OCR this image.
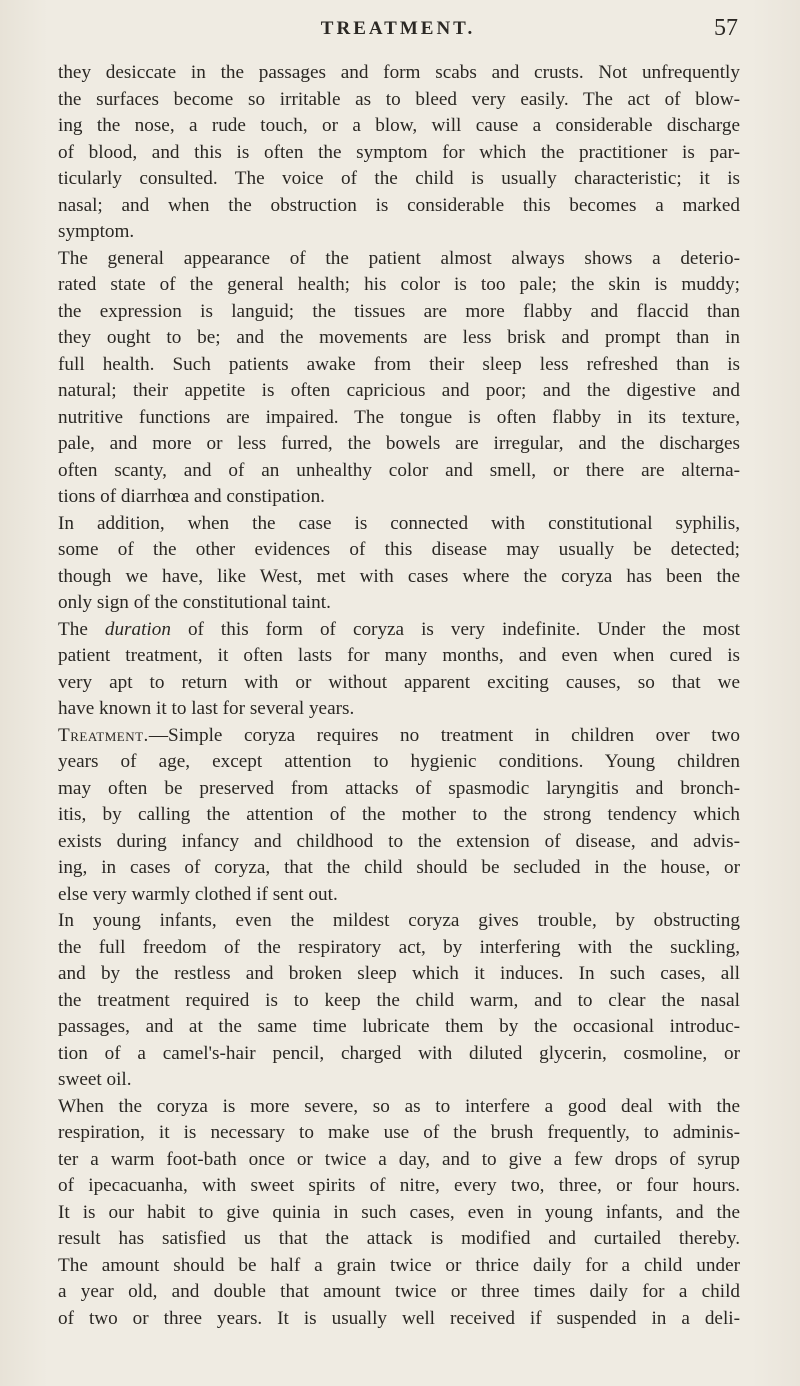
TREATMENT.	57
they desiccate in the passages and form scabs and crusts. Not unfrequently
the surfaces become so irritable as to bleed very easily. The act of blow-
ing the nose, a rude touch, or a blow, will cause a considerable discharge
of blood, and this is often the symptom for which the practitioner is par-
ticularly consulted. The voice of the child is usually characteristic; it is
nasal; and when the obstruction is considerable this becomes a marked
symptom.
The general appearance of the patient almost always shows a deterio-
rated state of the general health; his color is too pale; the skin is muddy;
the expression is languid; the tissues are more flabby and flaccid than
they ought to be; and the movements are less brisk and prompt than in
full health. Such patients awake from their sleep less refreshed than is
natural; their appetite is often capricious and poor; and the digestive and
nutritive functions are impaired. The tongue is often flabby in its texture,
pale, and more or less furred, the bowels are irregular, and the discharges
often scanty, and of an unhealthy color and smell, or there are alterna-
tions of diarrhœa and constipation.
In addition, when the case is connected with constitutional syphilis,
some of the other evidences of this disease may usually be detected;
though we have, like West, met with cases where the coryza has been the
only sign of the constitutional taint.
The duration of this form of coryza is very indefinite. Under the most
patient treatment, it often lasts for many months, and even when cured is
very apt to return with or without apparent exciting causes, so that we
have known it to last for several years.
Treatment.—Simple coryza requires no treatment in children over two
years of age, except attention to hygienic conditions. Young children
may often be preserved from attacks of spasmodic laryngitis and bronch-
itis, by calling the attention of the mother to the strong tendency which
exists during infancy and childhood to the extension of disease, and advis-
ing, in cases of coryza, that the child should be secluded in the house, or
else very warmly clothed if sent out.
In young infants, even the mildest coryza gives trouble, by obstructing
the full freedom of the respiratory act, by interfering with the suckling,
and by the restless and broken sleep which it induces. In such cases, all
the treatment required is to keep the child warm, and to clear the nasal
passages, and at the same time lubricate them by the occasional introduc-
tion of a camel's-hair pencil, charged with diluted glycerin, cosmoline, or
sweet oil.
When the coryza is more severe, so as to interfere a good deal with the
respiration, it is necessary to make use of the brush frequently, to adminis-
ter a warm foot-bath once or twice a day, and to give a few drops of syrup
of ipecacuanha, with sweet spirits of nitre, every two, three, or four hours.
It is our habit to give quinia in such cases, even in young infants, and the
result has satisfied us that the attack is modified and curtailed thereby.
The amount should be half a grain twice or thrice daily for a child under
a year old, and double that amount twice or three times daily for a child
of two or three years. It is usually well received if suspended in a deli-
